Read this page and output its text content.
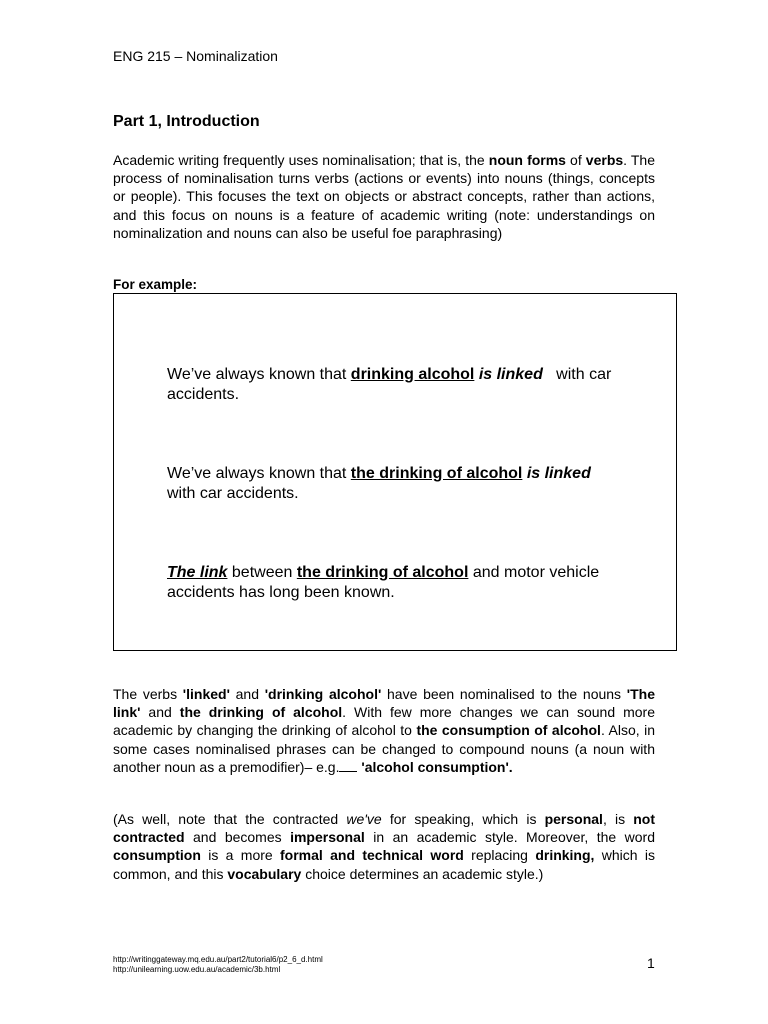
ENG 215 – Nominalization
Part 1, Introduction
Academic writing frequently uses nominalisation; that is, the noun forms of verbs. The process of nominalisation turns verbs (actions or events) into nouns (things, concepts or people). This focuses the text on objects or abstract concepts, rather than actions, and this focus on nouns is a feature of academic writing (note: understandings on nominalization and nouns can also be useful foe paraphrasing)
For example:
We’ve always known that drinking alcohol is linked   with car accidents.
We’ve always known that the drinking of alcohol is linked with car accidents.
The link between the drinking of alcohol and motor vehicle accidents has long been known.
The verbs 'linked' and 'drinking alcohol' have been nominalised to the nouns 'The link' and the drinking of alcohol. With few more changes we can sound more academic by changing the drinking of alcohol to the consumption of alcohol. Also, in some cases nominalised phrases can be changed to compound nouns (a noun with another noun as a premodifier)– e.g. 'alcohol consumption'.
(As well, note that the contracted we've for speaking, which is personal, is not contracted and becomes impersonal in an academic style. Moreover, the word consumption is a more formal and technical word replacing drinking, which is common, and this vocabulary choice determines an academic style.)
http://writinggateway.mq.edu.au/part2/tutorial6/p2_6_d.html
http://unilearning.uow.edu.au/academic/3b.html	1
